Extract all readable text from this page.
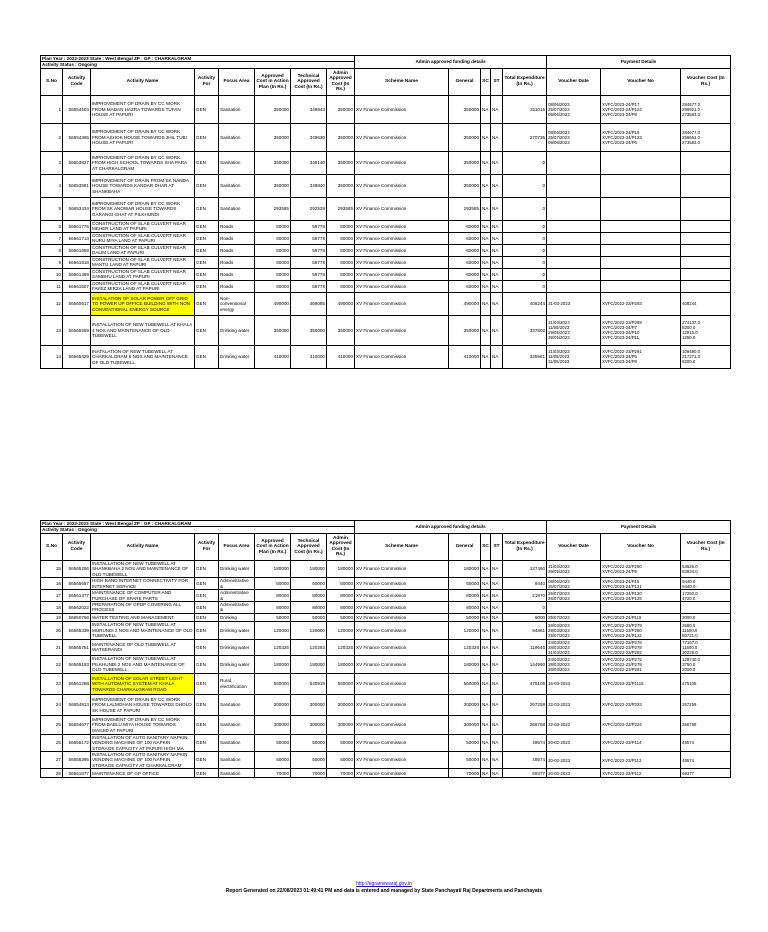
Plan Year : 2022-2023 State : West Bengal ZP : GP : CHARKALGRAM								Admin approved funding details					Payment Details		
Activity Status : Ongoing															
S.No	Activity Code	Activity Name	Activity For	Focus Area	Approved Cost in Action Plan (In Rs.)	Technical Approved Cost (In Rs.)	Admin Approved Cost (In Rs.)	Scheme Name	General	SC	ST	Total Expenditure (In Rs.)	Voucher Date	Voucher No	Voucher Cost (In Rs.)
1	56654503	IMPROVEMENT OF DRAIN BY CC WORK FROM MADAN HAZRA TOWARDS TUFAN HOUSE AT PAPURI	GEN	Sanitation	350000	349943	350000	XV Finance Commission	350000	NA	NA	311015	08/06/2023
25/07/2023
09/06/2023	XVFC/2023-24/P17
XVFC/2023-24/P124
XVFC/2023-24/P8	284677.0
299921.0 -
273583.0
2	56654365	IMPROVEMENT OF DRAIN BY CC WORK FROM ASHOK HOUSE TOWARDS JHIL TUBI HOUSE AT PAPURI	GEN	Sanitation	350000	349630	350000	XV Finance Commission	350000	NA	NA	270735	08/06/2023
25/07/2023
09/06/2023	XVFC/2023-24/P16
XVFC/2023-24/P123
XVFC/2023-24/P6	284677.0
259661.0 -
273583.0
3	56653827	IMPROVEMENT OF DRAIN BY CC WORK FROM HIGH SCHOOL TOWARDS SHA PARA AT CHARKALGRAM	GEN	Sanitation	350000	349140	350000	XV Finance Commission	350000	NA	NA	0			
4	56653581	IMPROVEMENT OF DRAIN FROM SK NANDA HOUSE TOWARDS KANDAR DHAR AT SHANKBAHA	GEN	Sanitation	350000	349840	350000	XV Finance Commission	350000	NA	NA	0			
5	56653434	IMPROVEMENT OF DRAIN BY CC WORK FROM SK ANOWAR HOUSE TOWARDS GARANGI GHAT AT PILKHUNDI	GEN	Sanitation	293585	292528	293585	XV Finance Commission	293585	NA	NA	0			
6	56561775	CONSTRUCTION OF SLAB CULVERT NEAR MEHER LAND AT PAPURI	GEN	Roads	60000	59778	60000	XV Finance Commission	60000	NA	NA	0			
7	56561713	CONSTRUCTION OF SLAB CULVERT NEAR NURU MIYA LAND AT PAPURI	GEN	Roads	60000	59778	60000	XV Finance Commission	60000	NA	NA	0			
8	56561658	CONSTRUCTION OF SLAB CULVERT NEAR DALIM LAND AT PAPURI	GEN	Roads	60000	59778	60000	XV Finance Commission	60000	NA	NA	0			
9	56561618	CONSTRUCTION OF SLAB CULVERT NEAR MANTU LAND AT PAPURI	GEN	Roads	60000	59778	60000	XV Finance Commission	60000	NA	NA	0			
10	56561469	CONSTRUCTION OF SLAB CULVERT NEAR SAMBHU LAND AT PAPURI	GEN	Roads	60000	59778	60000	XV Finance Commission	60000	NA	NA	0			
11	56561507	CONSTRUCTION OF SLAB CULVERT NEAR FAYEZ MIRZA LAND AT PAPURI	GEN	Roads	60000	59778	60000	XV Finance Commission	60000	NA	NA	0			
12	56560617	INSTALATION OF SOLAR POWER OFF GRID TO POWER UP OFFICE BUILDING WITH NON CONVENTIONAL ENERGY SOURCE	GEN	Non-conventional energy	490000	469085	490000	XV Finance Commission	490000	NA	NA	408244	31-03-2023	XVFC/2022-23/P293	408244
13	56565559	INSTALLATION OF NEW TUBEWELL AT KHALA 4 NOS AND MAINTENANCE OF OLD TUBEWELL	GEN	Drinking water	350000	350000	350000	XV Finance Commission	350000	NA	NA	337802	31/03/2023
11/05/2023
29/05/2023
29/05/2023	XVFC/2022-23/P289
XVFC/2023-24/P7
XVFC/2023-24/P10
XVFC/2023-24/P11	274137.0
8200.0
12915.0
1250.0
14	56565429	INATALATION OF NEW TUBEWELL AT CHARKALGRAM 6 NOS AND MAINTENANCE OF OLD TUBEWELL	GEN	Drinking water	410000	410000	410000	XV Finance Commission	410000	NA	NA	335961	31/03/2023
11/05/2023
11/05/2023	XVFC/2022-23/P291
XVFC/2023-24/P6
XVFC/2023-24/P8	109490.0
217271.0
8200.0
Plan Year : 2022-2023 State : West Bengal ZP : GP : CHARKALGRAM								Admin approved funding details					Payment Details		
Activity Status : Ongoing															
S.No	Activity Code	Activity Name	Activity For	Focus Area	Approved Cost in Action Plan (In Rs.)	Technical Approved Cost (In Rs.)	Admin Approved Cost (In Rs.)	Scheme Name	General	SC	ST	Total Expenditure (In Rs.)	Voucher Date	Voucher No	Voucher Cost (In Rs.)
15	56565256	INSTALLATION OF NEW TUBEWELL AT SHANKBAHA 2 NOS AND MAINTENANCE OF OLD TUBEWELL	GEN	Drinking water	180000	180000	180000	XV Finance Commission	180000	NA	NA	137460	31/03/2023
29/05/2023	XVFC/2022-23/P290
XVFC/2023-24/P9	53526.0
83934.0
16	56565657	HIGH BAND INTERNET CONNECTIVITY FOR INTERNET SERVICE	GEN	Administrative &	60000	60000	60000	XV Finance Commission	60000	NA	NA	9440	08/06/2023
25/07/2023	XVFC/2023-24/P15
XVFC/2023-24/P121	9440.0
9440.0 -
17	56561377	MAINTENANCE OF COMPUTER AND PURCHASE OF SPARE PARTS	GEN	Administrative &	80000	80000	80000	XV Finance Commission	80000	NA	NA	21970	25/07/2023
26/07/2023	XVFC/2023-24/P120
XVFC/2023-24/P125	17250.0
4720.0
18	56562022	PREPARATION OF GPDP COVERING ALL PROCESS	GEN	Administrative &	80000	80000	80000	XV Finance Commission	80000	NA	NA	0			
19	56650766	WATER TESTING AND MANAGEMENT	GEN	Drinking	50000	50000	50000	XV Finance Commission	50000	NA	NA	6000	25/07/2023	XVFC/2023-24/P119	3000.0
20	56565339	INSTALLATION OF NEW TUBEWELL AT MURUNDI 2 NOS AND MAINTENANCE OF OLD TUBEWELL	GEN	Drinking water	120000	120000	120000	XV Finance Commission	120000	NA	NA	94861	28/03/2023
28/03/2023
25/07/2023	XVFC/2022-23/P279
XVFC/2022-23/P280
XVFC/2023-24/P122	2660.0
11500.0
80721.0
21	56565751	MAINTENANCE OF OLD TUBEWELL AT WATSERANDI	GEN	Drinking water	120326	120293	120326	XV Finance Commission	120326	NA	NA	119645	24/03/2023
28/03/2023
31/03/2023	XVFC/2022-23/P276
XVFC/2022-23/P278
XVFC/2022-23/P292	77167.0
11500.0
30228.0
22	56565183	INSTALLATION OF NEW TUBEWELL AT PILKHUNDI 2 NOS AND MAINTENANCE OF OLD TUBEWELL	GEN	Drinking water	180000	180000	180000	XV Finance Commission	180000	NA	NA	144990	24/03/2023
28/03/2023
28/03/2023	XVFC/2022-23/P275
XVFC/2022-23/P278
XVFC/2022-23/P281	128740.0
3750.0
2000.0
23	56561288	INSTALLATION OF SOLAR STREET LIGHT WITH AUTOMATIC SYSTEM AT KHALA TOWARDS CHARKALGRAM ROAD	GEN	Rural electrification	560000	540919	560000	XV Finance Commission	560000	NA	NA	475105	16-03-2023	XVFC/2022-23/P1115	475105
24	56654813	IMPROVEMENT OF DRAIN BY CC WORK FROM LALMOHAN HOUSE TOWARDS DHOLO SK HOUSE AT PAPURI	GEN	Sanitation	300000	300000	300000	XV Finance Commission	300000	NA	NA	267259	22-03-2023	XVFC/2022-23/P223	267259
25	56654677	IMPROVEMENT OF DRAIN BY CC WORK FROM BABLU MIYA HOUSE TOWARDS MASJID AT PAPURI	GEN	Sanitation	300000	300000	300000	XV Finance Commission	300000	NA	NA	266758	22-03-2023	XVFC/2022-23/P224	266758
26	56655172	INSTALLATION OF AUTO SANITARY NAPKIN VENDING MACHINE OF 100 NAPKIN STORAGE CAPACITY AT PAPURI HIGH MA	GEN	Sanitation	50000	50000	50000	XV Finance Commission	50000	NA	NA	49574	20-02-2023	XVFC/2022-23/P114	49574
27	56655395	INSTALLATION OF AUTO SANITARY NAPKIN VENDING MACHINE OF 100 NAPKIN STORAGE CAPACITY AT CHARKALGRAM	GEN	Sanitation	50000	50000	50000	XV Finance Commission	50000	NA	NA	49574	20-02-2023	XVFC/2022-23/P113	49574
28	56561977	MAINTENANCE OF GP OFFICE	GEN	Sanitation	70000	70000	70000	XV Finance Commission	70000	NA	NA	69377	20-02-2023	XVFC/2022-23/P112	69377
http://egramswaraj.gov.in
Report Generated on 22/08/2023 01:49:41 PM and data is entered and managed by State Panchayati Raj Departments and Panchayats
